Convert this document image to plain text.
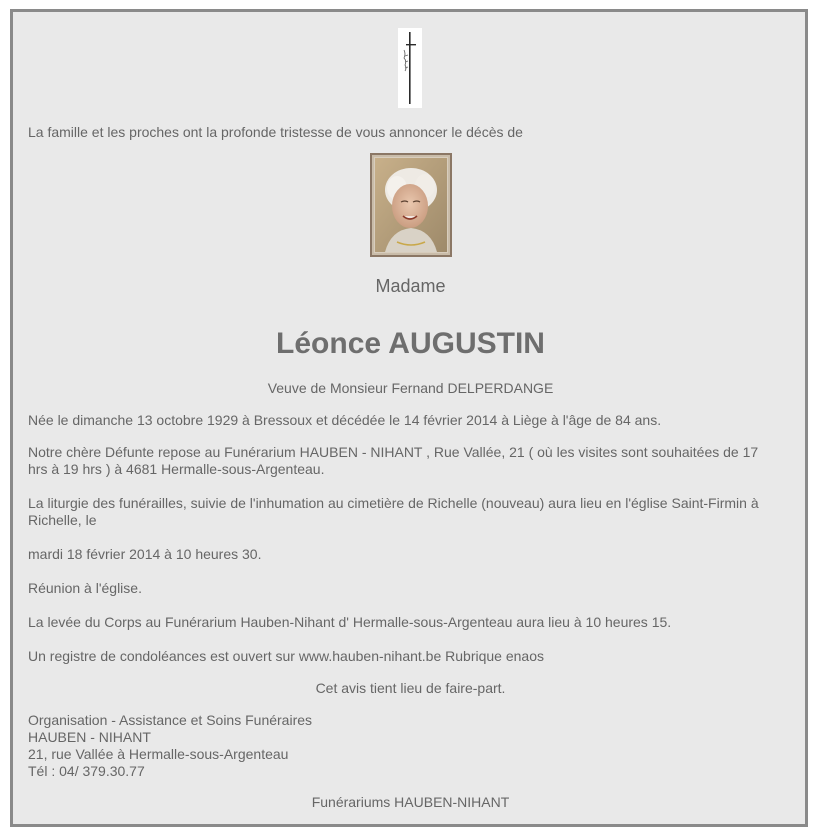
La famille et les proches ont la profonde tristesse de vous annoncer le décès de
Madame
Léonce AUGUSTIN
Veuve de Monsieur Fernand DELPERDANGE
Née le dimanche 13 octobre 1929 à Bressoux et décédée le 14 février 2014 à Liège à l'âge de 84 ans.
Notre chère Défunte repose au Funérarium HAUBEN - NIHANT , Rue Vallée, 21 ( où les visites sont souhaitées de 17
hrs à 19 hrs ) à 4681 Hermalle-sous-Argenteau.
La liturgie des funérailles, suivie de l'inhumation au cimetière de Richelle (nouveau) aura lieu en l'église Saint-Firmin à
Richelle, le
mardi 18 février 2014 à 10 heures 30.
Réunion à l'église.
La levée du Corps au Funérarium Hauben-Nihant d' Hermalle-sous-Argenteau aura lieu à 10 heures 15.
Un registre de condoléances est ouvert sur www.hauben-nihant.be Rubrique enaos
Cet avis tient lieu de faire-part.
Organisation - Assistance et Soins Funéraires
HAUBEN - NIHANT
21, rue Vallée à Hermalle-sous-Argenteau
Tél : 04/ 379.30.77
Funérariums HAUBEN-NIHANT
